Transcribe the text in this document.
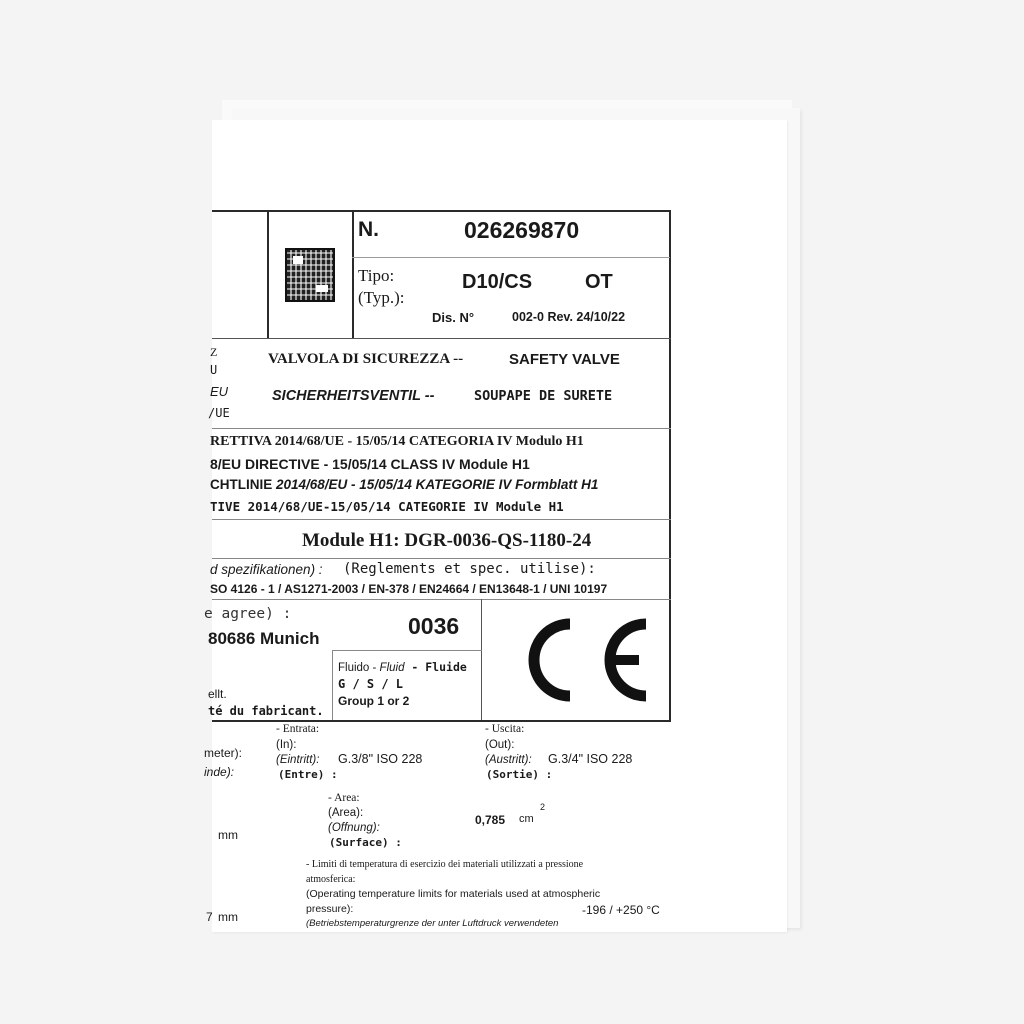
N.	026269870
Tipo:
(Typ.):
D10/CS	OT
Dis. N°	002-0 Rev. 24/10/22
Z
U
EU
/UE
VALVOLA DI SICUREZZA --	SAFETY VALVE
SICHERHEITSVENTIL --	SOUPAPE DE SURETE
RETTIVA 2014/68/UE - 15/05/14 CATEGORIA IV Modulo H1
8/EU DIRECTIVE - 15/05/14 CLASS IV Module H1
CHTLINIE 2014/68/EU - 15/05/14 KATEGORIE IV Formblatt H1
TIVE 2014/68/UE-15/05/14 CATEGORIE IV Module H1
Module H1: DGR-0036-QS-1180-24
d spezifikationen) : (Reglements et spec. utilise):
SO 4126 - 1 / AS1271-2003 / EN-378 / EN24664 / EN13648-1 / UNI 10197
e agree) :
80686 Munich	0036
ellt.
té du fabricant.
Fluido - Fluid - Fluide
G / S / L
Group 1 or 2
meter):
inde):
- Entrata:
(In):
(Eintritt):
(Entre) :
G.3/8" ISO 228
- Uscita:
(Out):
(Austritt):
(Sortie) :
G.3/4" ISO 228
- Area:
(Area):
(Offnung):
(Surface) :
0,785 cm
2
mm
- Limiti di temperatura di esercizio dei materiali utilizzati a pressione
atmosferica:
(Operating temperature limits for materials used at atmospheric
pressure):
(Betriebstemperaturgrenze der unter Luftdruck verwendeten
-196 / +250 °C
7 mm
